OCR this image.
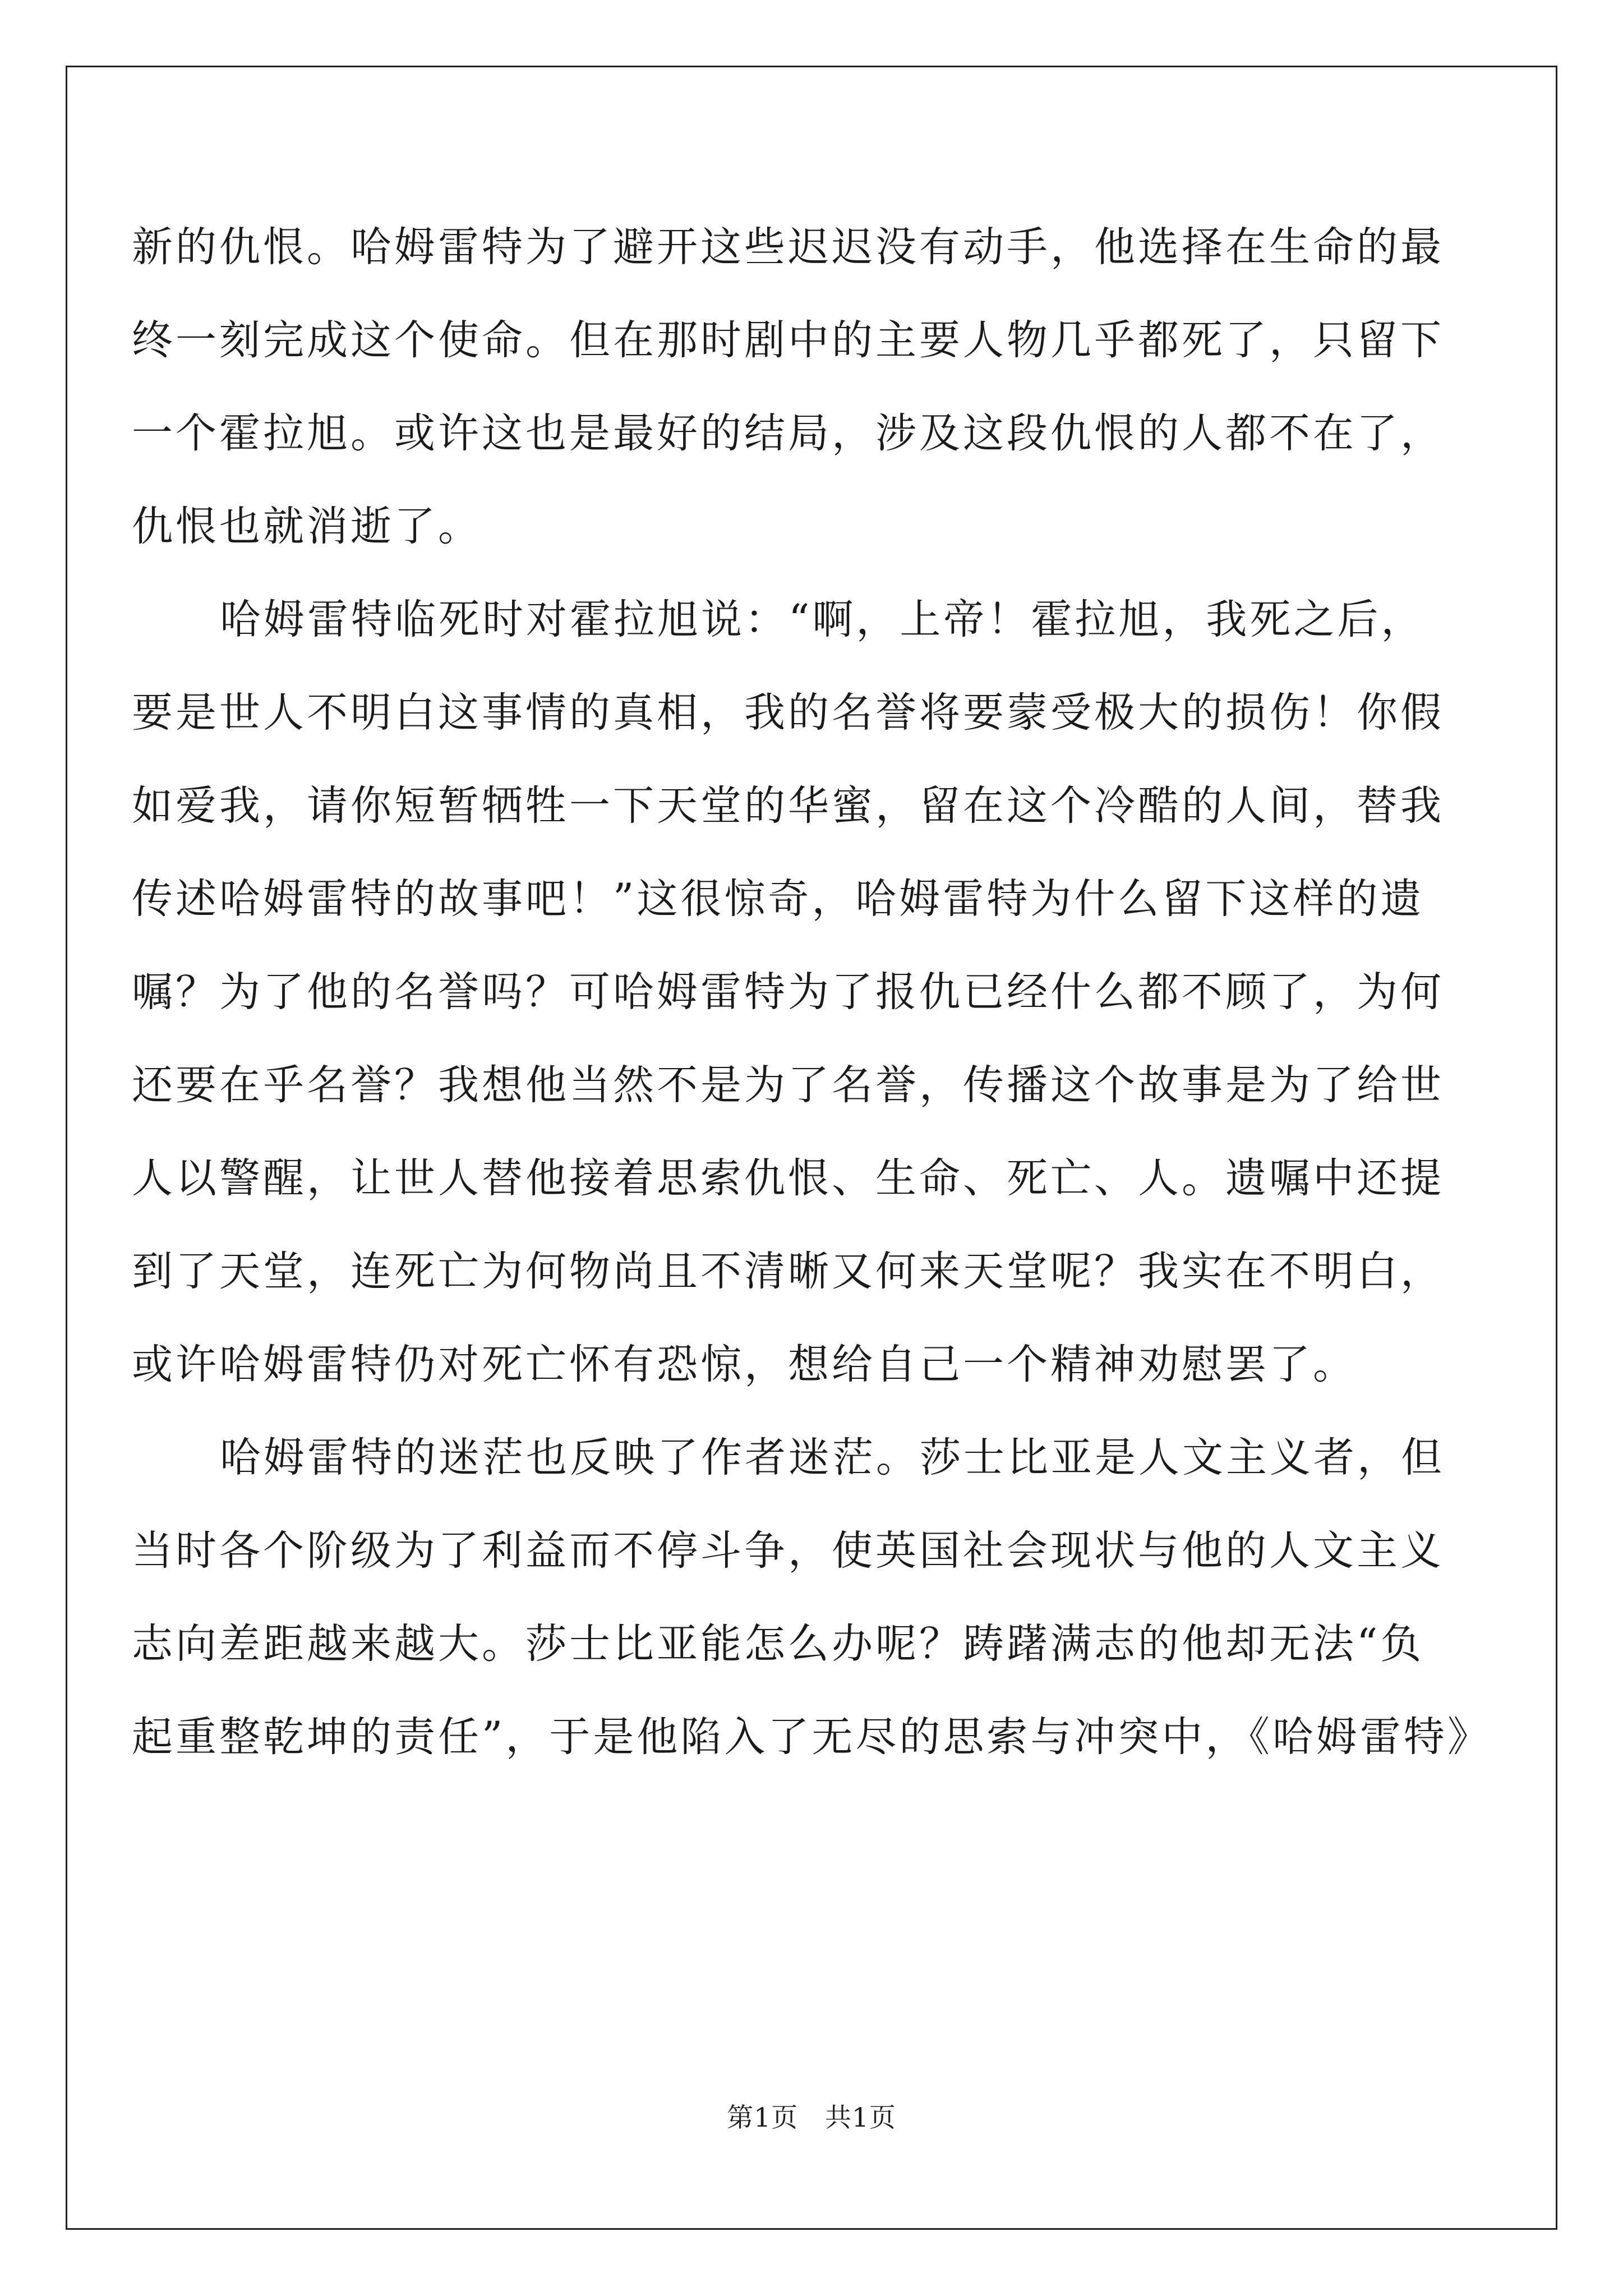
新的仇恨。哈姆雷特为了避开这些迟迟没有动手，他选择在生命的最
终一刻完成这个使命。但在那时剧中的主要人物几乎都死了，只留下
一个霍拉旭。或许这也是最好的结局，涉及这段仇恨的人都不在了，
仇恨也就消逝了。
哈姆雷特临死时对霍拉旭说：“啊，上帝！霍拉旭，我死之后，
要是世人不明白这事情的真相，我的名誉将要蒙受极大的损伤！你假
如爱我，请你短暂牺牲一下天堂的华蜜，留在这个冷酷的人间，替我
传述哈姆雷特的故事吧！”这很惊奇，哈姆雷特为什么留下这样的遗
嘱？为了他的名誉吗？可哈姆雷特为了报仇已经什么都不顾了，为何
还要在乎名誉？我想他当然不是为了名誉，传播这个故事是为了给世
人以警醒，让世人替他接着思索仇恨、生命、死亡、人。遗嘱中还提
到了天堂，连死亡为何物尚且不清晰又何来天堂呢？我实在不明白，
或许哈姆雷特仍对死亡怀有恐惊，想给自己一个精神劝慰罢了。
哈姆雷特的迷茫也反映了作者迷茫。莎士比亚是人文主义者，但
当时各个阶级为了利益而不停斗争，使英国社会现状与他的人文主义
志向差距越来越大。莎士比亚能怎么办呢？踌躇满志的他却无法“负
起重整乾坤的责任”，于是他陷入了无尽的思索与冲突中，《哈姆雷特》
第1页 共1页
